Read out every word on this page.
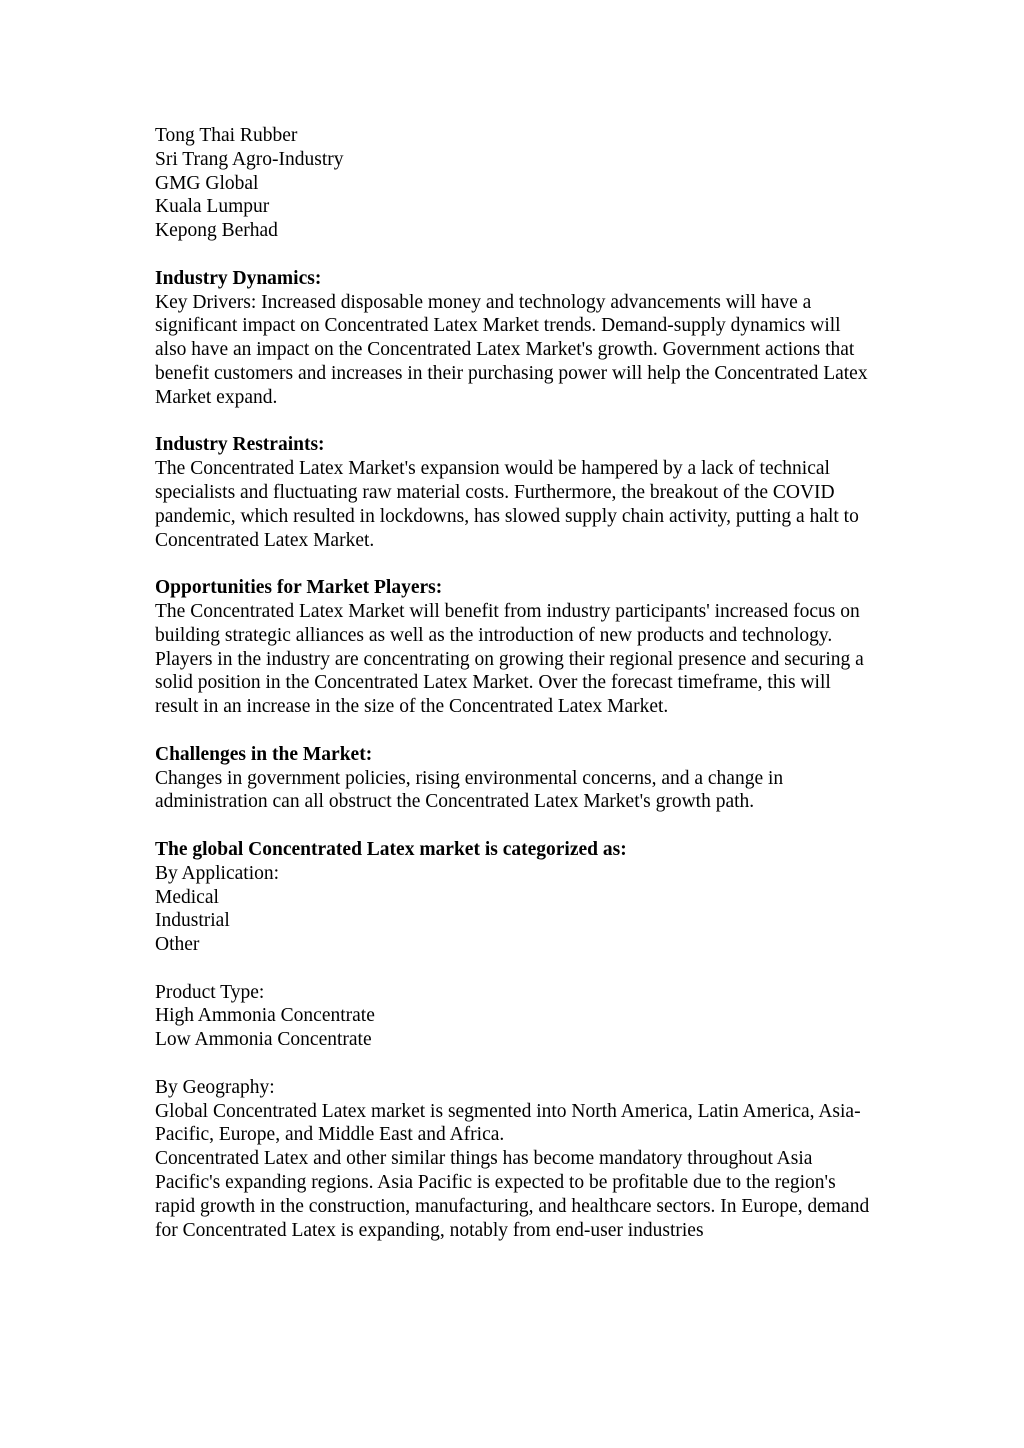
Tong Thai Rubber
Sri Trang Agro-Industry
GMG Global
Kuala Lumpur
Kepong Berhad
Industry Dynamics:
Key Drivers: Increased disposable money and technology advancements will have a significant impact on Concentrated Latex Market trends. Demand-supply dynamics will also have an impact on the Concentrated Latex Market's growth. Government actions that benefit customers and increases in their purchasing power will help the Concentrated Latex Market expand.
Industry Restraints:
The Concentrated Latex Market's expansion would be hampered by a lack of technical specialists and fluctuating raw material costs. Furthermore, the breakout of the COVID pandemic, which resulted in lockdowns, has slowed supply chain activity, putting a halt to Concentrated Latex Market.
Opportunities for Market Players:
The Concentrated Latex Market will benefit from industry participants' increased focus on building strategic alliances as well as the introduction of new products and technology. Players in the industry are concentrating on growing their regional presence and securing a solid position in the Concentrated Latex Market. Over the forecast timeframe, this will result in an increase in the size of the Concentrated Latex Market.
Challenges in the Market:
Changes in government policies, rising environmental concerns, and a change in administration can all obstruct the Concentrated Latex Market's growth path.
The global Concentrated Latex market is categorized as:
By Application:
Medical
Industrial
Other
Product Type:
High Ammonia Concentrate
Low Ammonia Concentrate
By Geography:
Global Concentrated Latex market is segmented into North America, Latin America, Asia-Pacific, Europe, and Middle East and Africa.
Concentrated Latex and other similar things has become mandatory throughout Asia Pacific's expanding regions. Asia Pacific is expected to be profitable due to the region's rapid growth in the construction, manufacturing, and healthcare sectors. In Europe, demand for Concentrated Latex is expanding, notably from end-user industries
